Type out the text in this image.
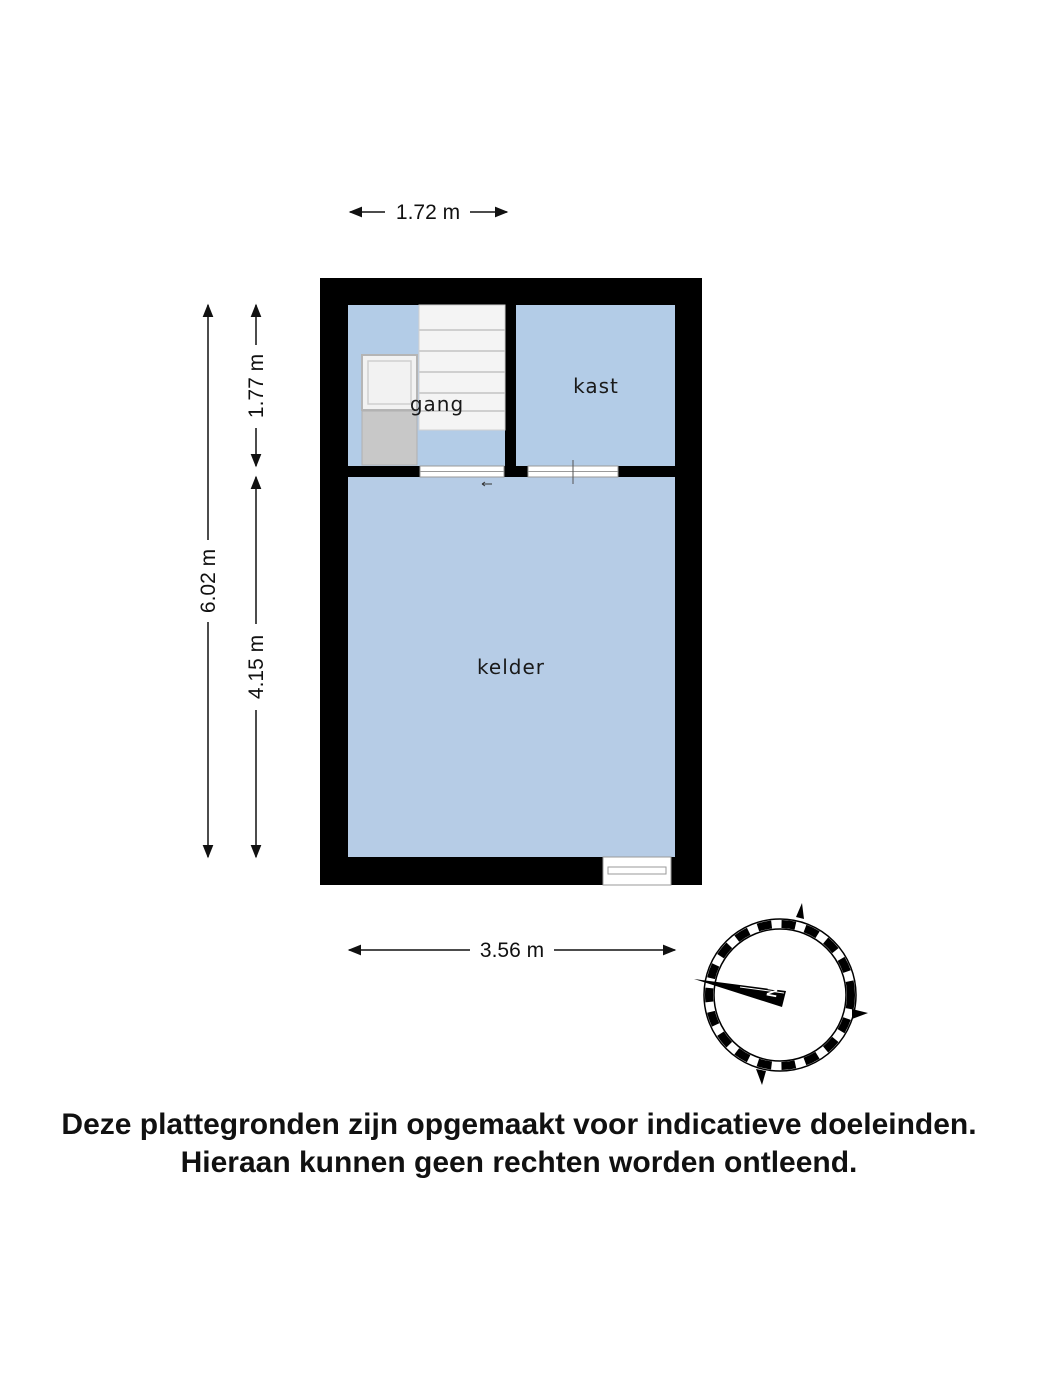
gang
kast
kelder
1.72 m
3.56 m
6.02 m
1.77 m
4.15 m
N
Deze plattegronden zijn opgemaakt voor indicatieve doeleinden.
Hieraan kunnen geen rechten worden ontleend.
